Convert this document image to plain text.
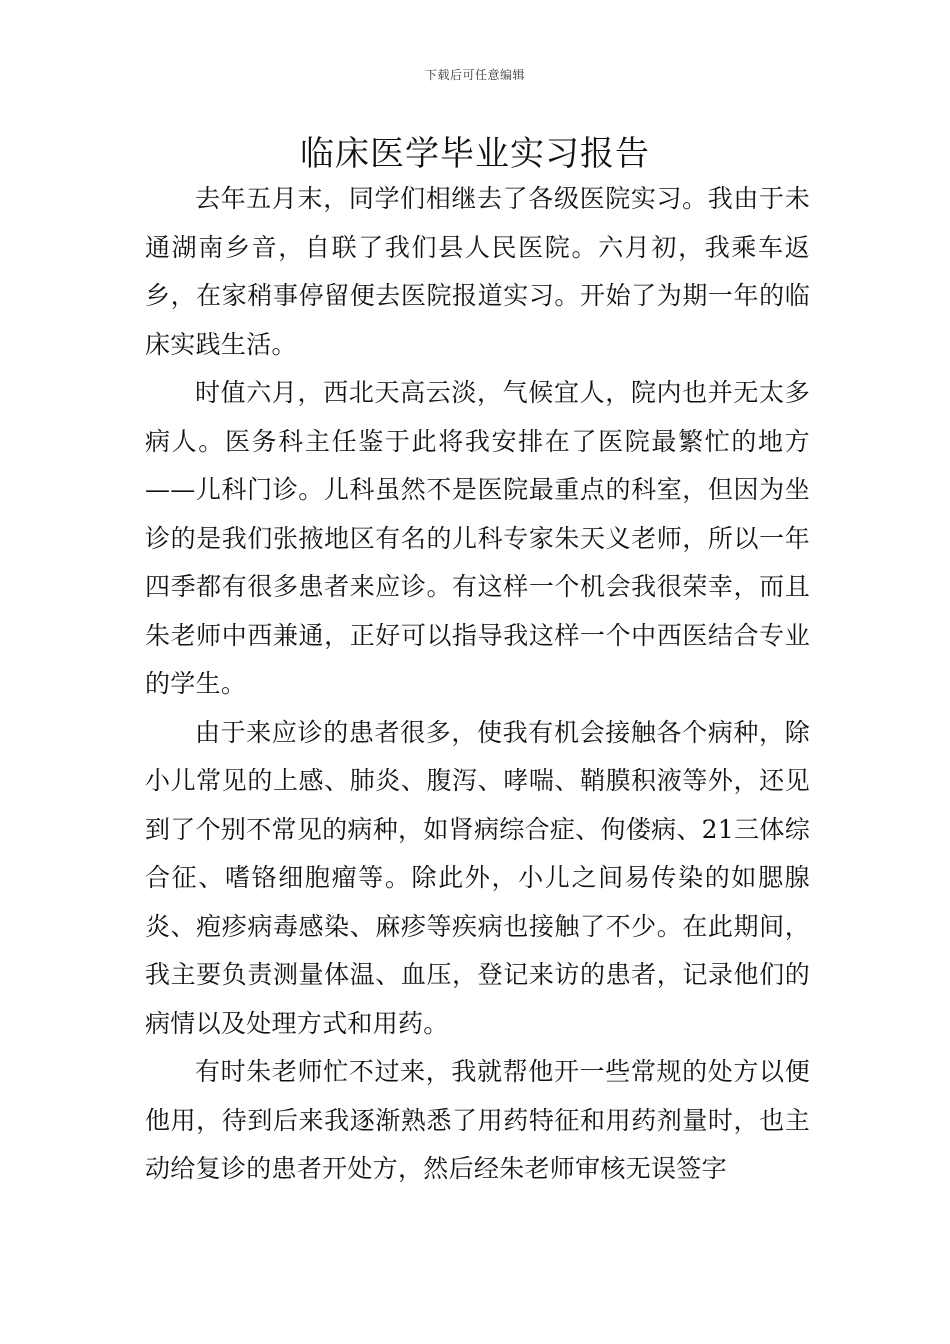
下载后可任意编辑
临床医学毕业实习报告

去年五月末，同学们相继去了各级医院实习。我由于未通湖南乡音，自联了我们县人民医院。六月初，我乘车返乡，在家稍事停留便去医院报道实习。开始了为期一年的临床实践生活。

时值六月，西北天高云淡，气候宜人，院内也并无太多病人。医务科主任鉴于此将我安排在了医院最繁忙的地方——儿科门诊。儿科虽然不是医院最重点的科室，但因为坐诊的是我们张掖地区有名的儿科专家朱天义老师，所以一年四季都有很多患者来应诊。有这样一个机会我很荣幸，而且朱老师中西兼通，正好可以指导我这样一个中西医结合专业的学生。

由于来应诊的患者很多，使我有机会接触各个病种，除小儿常见的上感、肺炎、腹泻、哮喘、鞘膜积液等外，还见到了个别不常见的病种，如肾病综合症、佝偻病、21三体综合征、嗜铬细胞瘤等。除此外，小儿之间易传染的如腮腺炎、疱疹病毒感染、麻疹等疾病也接触了不少。在此期间，我主要负责测量体温、血压，登记来访的患者，记录他们的病情以及处理方式和用药。

有时朱老师忙不过来，我就帮他开一些常规的处方以便他用，待到后来我逐渐熟悉了用药特征和用药剂量时，也主动给复诊的患者开处方，然后经朱老师审核无误签字
